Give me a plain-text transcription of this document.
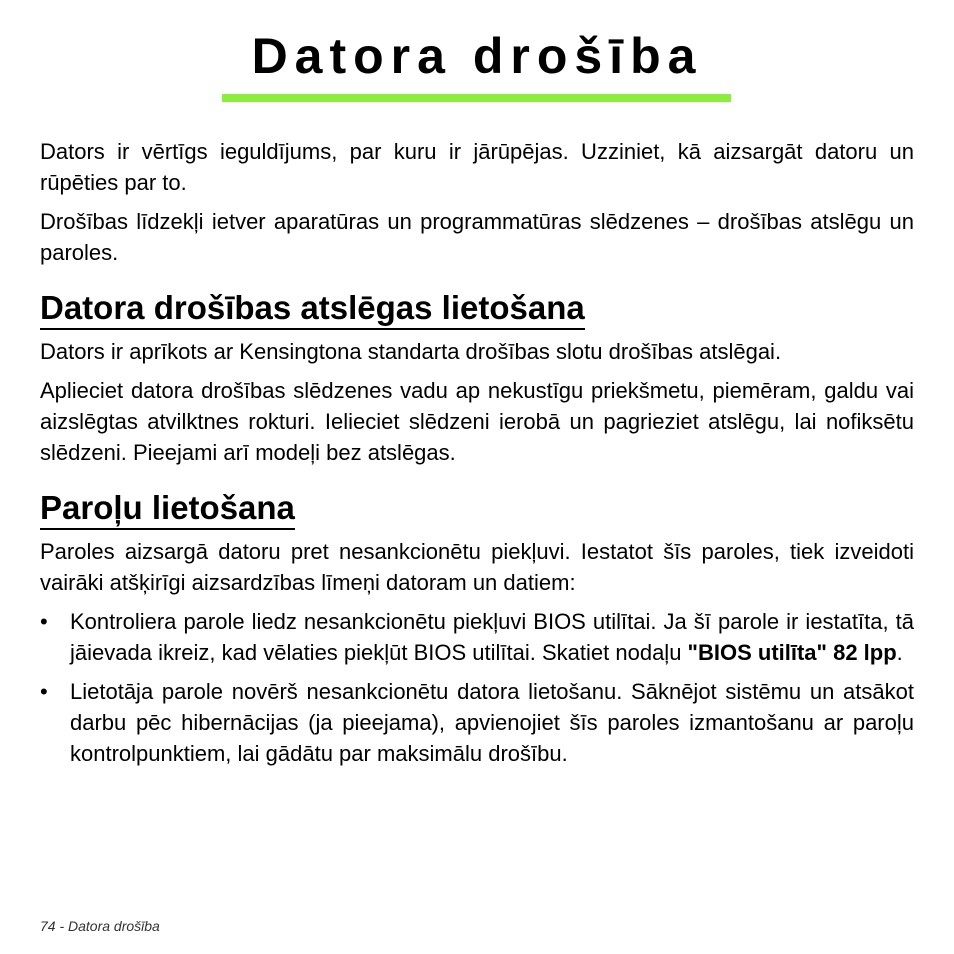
Datora drošība

Dators ir vērtīgs ieguldījums, par kuru ir jārūpējas. Uzziniet, kā aizsargāt datoru un rūpēties par to.

Drošības līdzekļi ietver aparatūras un programmatūras slēdzenes – drošības atslēgu un paroles.

Datora drošības atslēgas lietošana

Dators ir aprīkots ar Kensingtona standarta drošības slotu drošības atslēgai.

Aplieciet datora drošības slēdzenes vadu ap nekustīgu priekšmetu, piemēram, galdu vai aizslēgtas atvilktnes rokturi. Ielieciet slēdzeni ierobā un pagrieziet atslēgu, lai nofiksētu slēdzeni. Pieejami arī modeļi bez atslēgas.

Paroļu lietošana

Paroles aizsargā datoru pret nesankcionētu piekļuvi. Iestatot šīs paroles, tiek izveidoti vairāki atšķirīgi aizsardzības līmeņi datoram un datiem:

• Kontroliera parole liedz nesankcionētu piekļuvi BIOS utilītai. Ja šī parole ir iestatīta, tā jāievada ikreiz, kad vēlaties piekļūt BIOS utilītai. Skatiet nodaļu "BIOS utilīta" 82 lpp.
• Lietotāja parole novērš nesankcionētu datora lietošanu. Sāknējot sistēmu un atsākot darbu pēc hibernācijas (ja pieejama), apvienojiet šīs paroles izmantošanu ar paroļu kontrolpunktiem, lai gādātu par maksimālu drošību.
74 - Datora drošība
